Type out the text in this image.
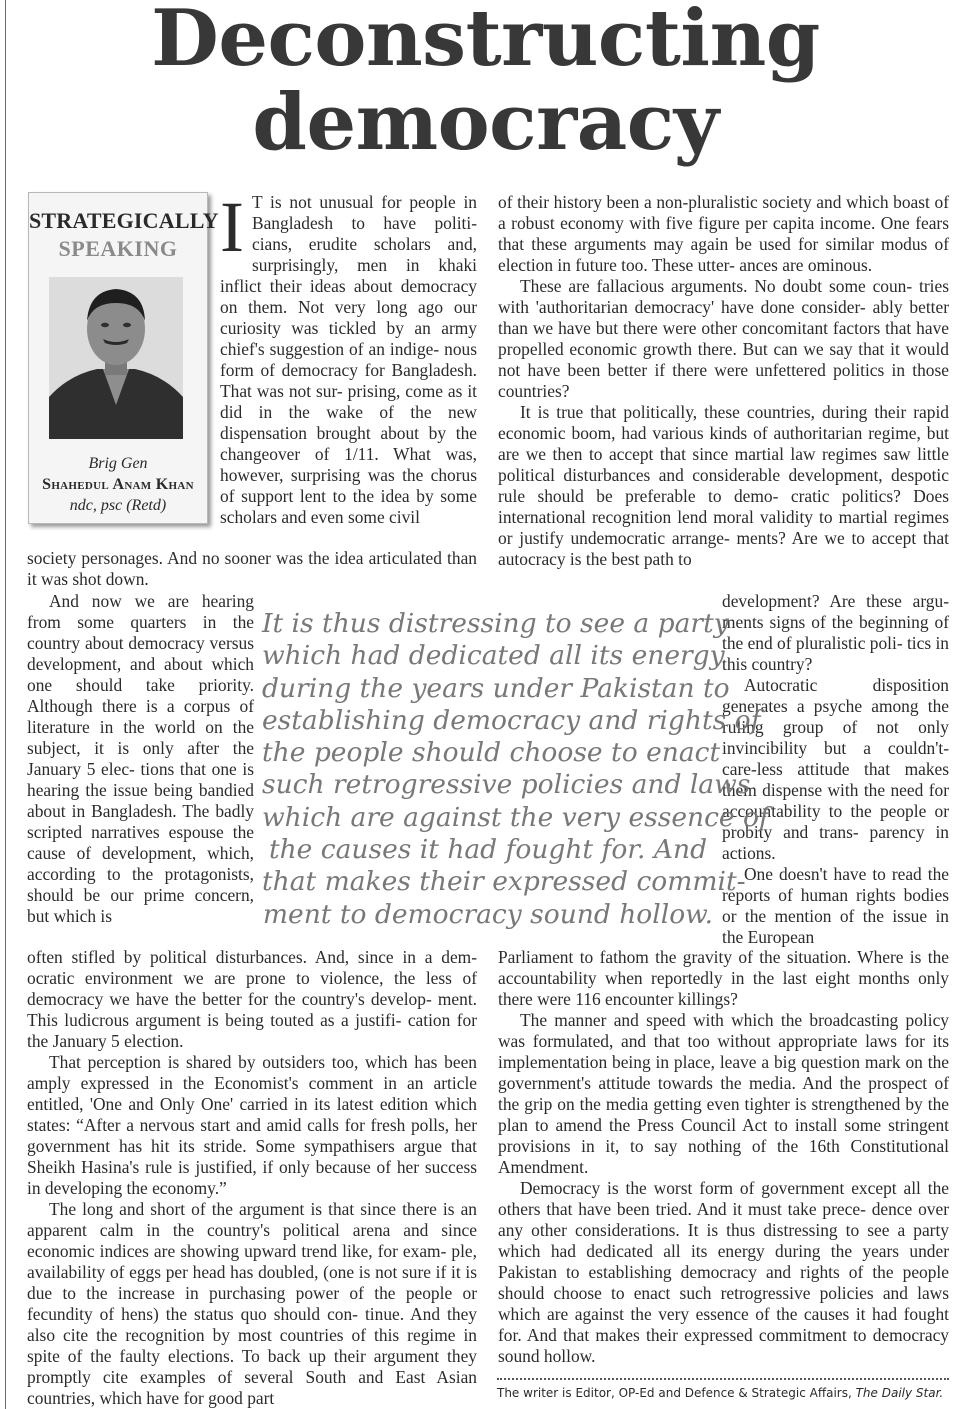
Deconstructing
democracy
STRATEGICALLY
SPEAKING
Brig Gen
Shahedul Anam Khan
ndc, psc (Retd)
I T is not unusual for people in Bangladesh to have politi- cians, erudite scholars and, surprisingly, men in khaki inflict their ideas about democracy on them. Not very long ago our curiosity was tickled by an army chief's suggestion of an indige- nous form of democracy for Bangladesh. That was not sur- prising, come as it did in the wake of the new dispensation brought about by the changeover of 1/11. What was, however, surprising was the chorus of support lent to the idea by some scholars and even some civil

society personages. And no sooner was the idea articulated than it was shot down.

And now we are hearing from some quarters in the country about democracy versus development, and about which one should take priority. Although there is a corpus of literature in the world on the subject, it is only after the January 5 elec- tions that one is hearing the issue being bandied about in Bangladesh. The badly scripted narratives espouse the cause of development, which, according to the protagonists, should be our prime concern, but which is

often stifled by political disturbances. And, since in a dem- ocratic environment we are prone to violence, the less of democracy we have the better for the country's develop- ment. This ludicrous argument is being touted as a justifi- cation for the January 5 election.

That perception is shared by outsiders too, which has been amply expressed in the Economist's comment in an article entitled, 'One and Only One' carried in its latest edition which states: “After a nervous start and amid calls for fresh polls, her government has hit its stride. Some sympathisers argue that Sheikh Hasina's rule is justified, if only because of her success in developing the economy.”

The long and short of the argument is that since there is an apparent calm in the country's political arena and since economic indices are showing upward trend like, for exam- ple, availability of eggs per head has doubled, (one is not sure if it is due to the increase in purchasing power of the people or fecundity of hens) the status quo should con- tinue. And they also cite the recognition by most countries of this regime in spite of the faulty elections. To back up their argument they promptly cite examples of several South and East Asian countries, which have for good part

of their history been a non-pluralistic society and which boast of a robust economy with five figure per capita income. One fears that these arguments may again be used for similar modus of election in future too. These utter- ances are ominous.

These are fallacious arguments. No doubt some coun- tries with 'authoritarian democracy' have done consider- ably better than we have but there were other concomitant factors that have propelled economic growth there. But can we say that it would not have been better if there were unfettered politics in those countries?

It is true that politically, these countries, during their rapid economic boom, had various kinds of authoritarian regime, but are we then to accept that since martial law regimes saw little political disturbances and considerable development, despotic rule should be preferable to demo- cratic politics? Does international recognition lend moral validity to martial regimes or justify undemocratic arrange- ments? Are we to accept that autocracy is the best path to

development? Are these argu- ments signs of the beginning of the end of pluralistic poli- tics in this country?

Autocratic disposition generates a psyche among the ruling group of not only invincibility but a couldn't- care-less attitude that makes them dispense with the need for accountability to the people or probity and trans- parency in actions.

One doesn't have to read the reports of human rights bodies or the mention of the issue in the European

Parliament to fathom the gravity of the situation. Where is the accountability when reportedly in the last eight months only there were 116 encounter killings?

The manner and speed with which the broadcasting policy was formulated, and that too without appropriate laws for its implementation being in place, leave a big question mark on the government's attitude towards the media. And the prospect of the grip on the media getting even tighter is strengthened by the plan to amend the Press Council Act to install some stringent provisions in it, to say nothing of the 16th Constitutional Amendment.

Democracy is the worst form of government except all the others that have been tried. And it must take prece- dence over any other considerations. It is thus distressing to see a party which had dedicated all its energy during the years under Pakistan to establishing democracy and rights of the people should choose to enact such retrogressive policies and laws which are against the very essence of the causes it had fought for. And that makes their expressed commitment to democracy sound hollow.

It is thus distressing to see a party
which had dedicated all its energy
during the years under Pakistan to
establishing democracy and rights of
the people should choose to enact
such retrogressive policies and laws
which are against the very essence of
the causes it had fought for. And
that makes their expressed commit-
ment to democracy sound hollow.
The writer is Editor, OP-Ed and Defence & Strategic Affairs, The Daily Star.
